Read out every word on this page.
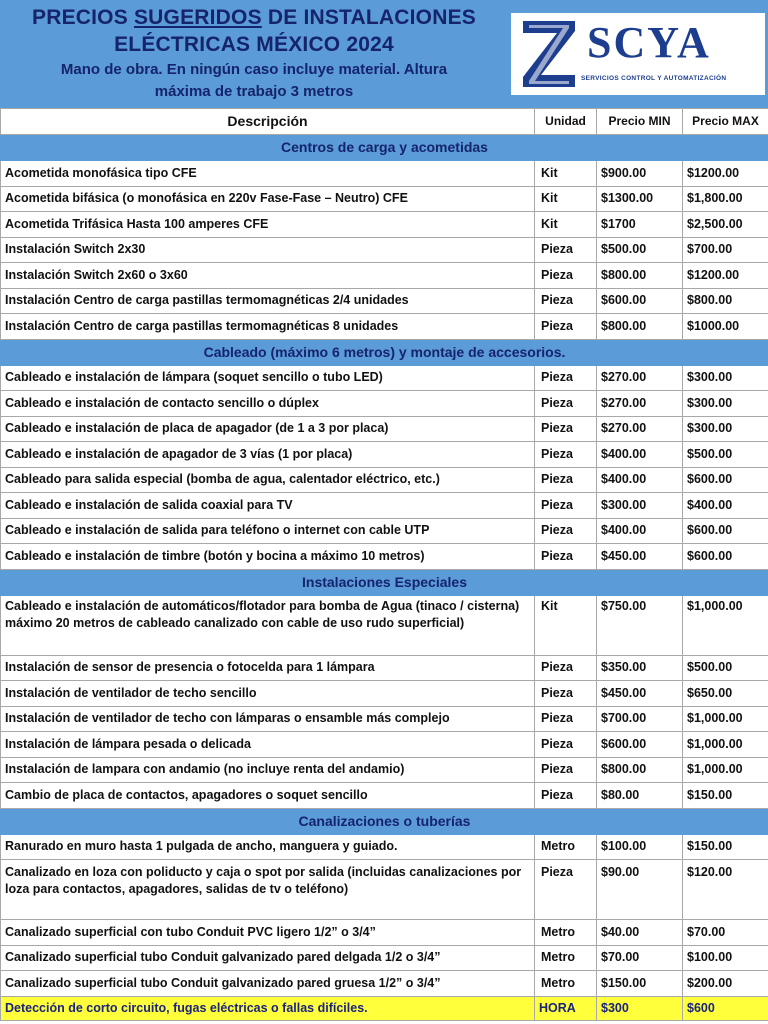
PRECIOS SUGERIDOS DE INSTALACIONES
ELÉCTRICAS MÉXICO 2024
Mano de obra. En ningún caso incluye material. Altura
máxima de trabajo 3 metros
SCYA
SERVICIOS CONTROL Y AUTOMATIZACIÓN
Descripción	Unidad	Precio MIN	Precio MAX
Centros de carga y acometidas			
Acometida monofásica tipo CFE	Kit	$900.00	$1200.00
Acometida bifásica (o monofásica en 220v Fase-Fase – Neutro) CFE	Kit	$1300.00	$1,800.00
Acometida Trifásica Hasta 100 amperes CFE	Kit	$1700	$2,500.00
Instalación Switch 2x30	Pieza	$500.00	$700.00
Instalación Switch 2x60 o 3x60	Pieza	$800.00	$1200.00
Instalación Centro de carga pastillas termomagnéticas 2/4 unidades	Pieza	$600.00	$800.00
Instalación Centro de carga pastillas termomagnéticas 8 unidades	Pieza	$800.00	$1000.00
Cableado (máximo 6 metros) y montaje de accesorios.			
Cableado e instalación de lámpara (soquet sencillo o tubo LED)	Pieza	$270.00	$300.00
Cableado e instalación de contacto sencillo o dúplex	Pieza	$270.00	$300.00
Cableado e instalación de placa de apagador (de 1 a 3 por placa)	Pieza	$270.00	$300.00
Cableado e instalación de apagador de 3 vías (1 por placa)	Pieza	$400.00	$500.00
Cableado para salida especial (bomba de agua, calentador eléctrico, etc.)	Pieza	$400.00	$600.00
Cableado e instalación de salida coaxial para TV	Pieza	$300.00	$400.00
Cableado e instalación de salida para teléfono o internet con cable UTP	Pieza	$400.00	$600.00
Cableado e instalación de timbre (botón y bocina a máximo 10 metros)	Pieza	$450.00	$600.00
Instalaciones Especiales			
Cableado e instalación de automáticos/flotador para bomba de Agua (tinaco / cisterna) máximo 20 metros de cableado canalizado con cable de uso rudo superficial)	Kit	$750.00	$1,000.00
Instalación de sensor de presencia o fotocelda para 1 lámpara	Pieza	$350.00	$500.00
Instalación de ventilador de techo sencillo	Pieza	$450.00	$650.00
Instalación de ventilador de techo con lámparas o ensamble más complejo	Pieza	$700.00	$1,000.00
Instalación de lámpara pesada o delicada	Pieza	$600.00	$1,000.00
Instalación de lampara con andamio (no incluye renta del andamio)	Pieza	$800.00	$1,000.00
Cambio de placa de contactos, apagadores o soquet sencillo	Pieza	$80.00	$150.00
Canalizaciones o tuberías			
Ranurado en muro hasta 1 pulgada de ancho, manguera y guiado.	Metro	$100.00	$150.00
Canalizado en loza con poliducto y caja o spot por salida (incluidas canalizaciones por loza para contactos, apagadores, salidas de tv o teléfono)	Pieza	$90.00	$120.00
Canalizado superficial con tubo Conduit PVC ligero 1/2” o 3/4”	Metro	$40.00	$70.00
Canalizado superficial tubo Conduit galvanizado pared delgada 1/2 o 3/4”	Metro	$70.00	$100.00
Canalizado superficial tubo Conduit galvanizado pared gruesa 1/2” o 3/4”	Metro	$150.00	$200.00
Detección de corto circuito, fugas eléctricas o fallas difíciles.	HORA	$300	$600
